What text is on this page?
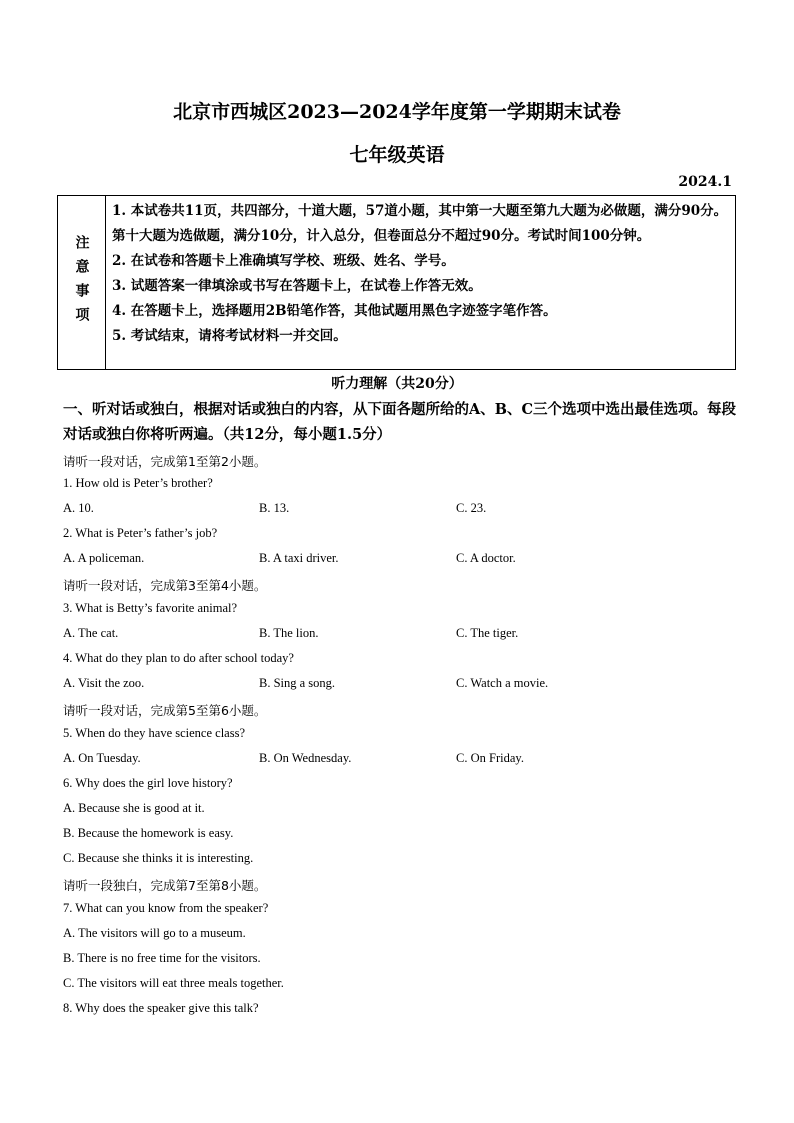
北京市西城区2023—2024学年度第一学期期末试卷
七年级英语
2024.1
注意事项

1. 本试卷共11页，共四部分，十道大题，57道小题，其中第一大题至第九大题为必做题，满分90分。第十大题为选做题，满分10分，计入总分，但卷面总分不超过90分。考试时间100分钟。

2. 在试卷和答题卡上准确填写学校、班级、姓名、学号。

3. 试题答案一律填涂或书写在答题卡上，在试卷上作答无效。

4. 在答题卡上，选择题用2B铅笔作答，其他试题用黑色字迹签字笔作答。

5. 考试结束，请将考试材料一并交回。

听力理解（共20分）
一、听对话或独白，根据对话或独白的内容，从下面各题所给的A、B、C三个选项中选出最佳选项。每段对话或独白你将听两遍。（共12分，每小题1.5分）
请听一段对话，完成第1至第2小题。
1. How old is Peter’s brother?
A. 10.	B. 13.	C. 23.
2. What is Peter’s father’s job?
A. A policeman.	B. A taxi driver.	C. A doctor.
请听一段对话，完成第3至第4小题。
3. What is Betty’s favorite animal?
A. The cat.	B. The lion.	C. The tiger.
4. What do they plan to do after school today?
A. Visit the zoo.	B. Sing a song.	C. Watch a movie.
请听一段对话，完成第5至第6小题。
5. When do they have science class?
A. On Tuesday.	B. On Wednesday.	C. On Friday.
6. Why does the girl love history?
A. Because she is good at it.
B. Because the homework is easy.
C. Because she thinks it is interesting.
请听一段独白，完成第7至第8小题。
7. What can you know from the speaker?
A. The visitors will go to a museum.
B. There is no free time for the visitors.
C. The visitors will eat three meals together.
8. Why does the speaker give this talk?
